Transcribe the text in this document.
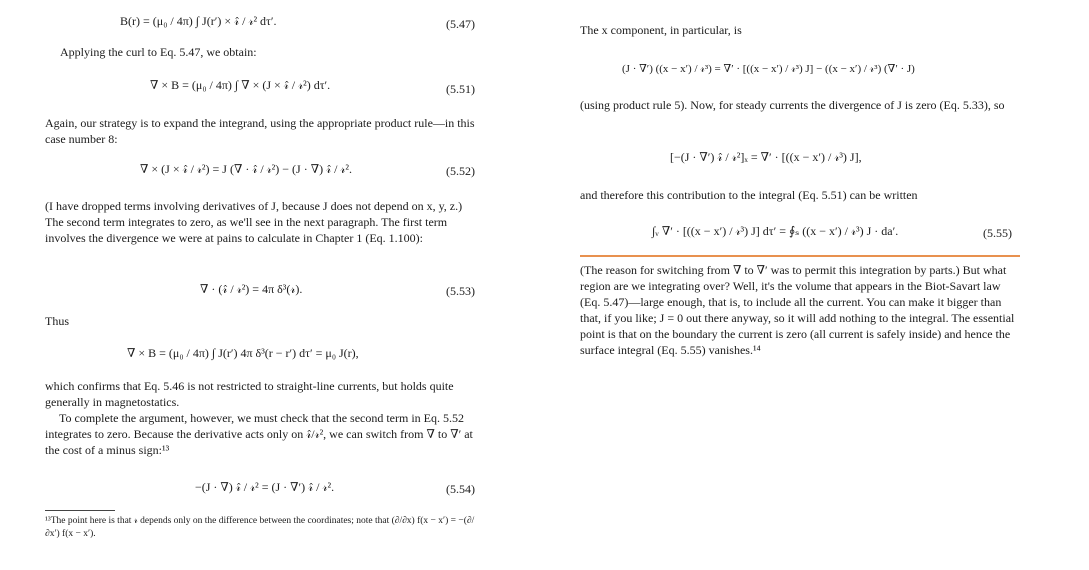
B(r) = (μ₀ / 4π) ∫ J(r′) × 𝓇̂ / 𝓇² dτ′.	(5.47)
Applying the curl to Eq. 5.47, we obtain:
∇ × B = (μ₀ / 4π) ∫ ∇ × (J × 𝓇̂ / 𝓇²) dτ′.	(5.51)
Again, our strategy is to expand the integrand, using the appropriate product rule—in this case number 8:
∇ × (J × 𝓇̂ / 𝓇²) = J (∇ · 𝓇̂ / 𝓇²) − (J · ∇) 𝓇̂ / 𝓇².	(5.52)
(I have dropped terms involving derivatives of J, because J does not depend on x, y, z.) The second term integrates to zero, as we'll see in the next paragraph. The first term involves the divergence we were at pains to calculate in Chapter 1 (Eq. 1.100):
∇ · (𝓇̂ / 𝓇²) = 4π δ³(𝓇).	(5.53)
Thus
∇ × B = (μ₀ / 4π) ∫ J(r′) 4π δ³(r − r′) dτ′ = μ₀ J(r),
which confirms that Eq. 5.46 is not restricted to straight-line currents, but holds quite generally in magnetostatics.
To complete the argument, however, we must check that the second term in Eq. 5.52 integrates to zero. Because the derivative acts only on 𝓇̂/𝓇², we can switch from ∇ to ∇′ at the cost of a minus sign:¹³
−(J · ∇) 𝓇̂ / 𝓇² = (J · ∇′) 𝓇̂ / 𝓇².	(5.54)
¹³The point here is that 𝓇 depends only on the difference between the coordinates; note that (∂/∂x) f(x − x′) = −(∂/∂x′) f(x − x′).
The x component, in particular, is
(J · ∇′) ((x − x′) / 𝓇³) = ∇′ · [((x − x′) / 𝓇³) J] − ((x − x′) / 𝓇³) (∇′ · J)
(using product rule 5). Now, for steady currents the divergence of J is zero (Eq. 5.33), so
[−(J · ∇′) 𝓇̂ / 𝓇²]ₓ = ∇′ · [((x − x′) / 𝓇³) J],
and therefore this contribution to the integral (Eq. 5.51) can be written
∫ᵥ ∇′ · [((x − x′) / 𝓇³) J] dτ′ = ∮ₛ ((x − x′) / 𝓇³) J · da′.	(5.55)
(The reason for switching from ∇ to ∇′ was to permit this integration by parts.) But what region are we integrating over? Well, it's the volume that appears in the Biot-Savart law (Eq. 5.47)—large enough, that is, to include all the current. You can make it bigger than that, if you like; J = 0 out there anyway, so it will add nothing to the integral. The essential point is that on the boundary the current is zero (all current is safely inside) and hence the surface integral (Eq. 5.55) vanishes.¹⁴
